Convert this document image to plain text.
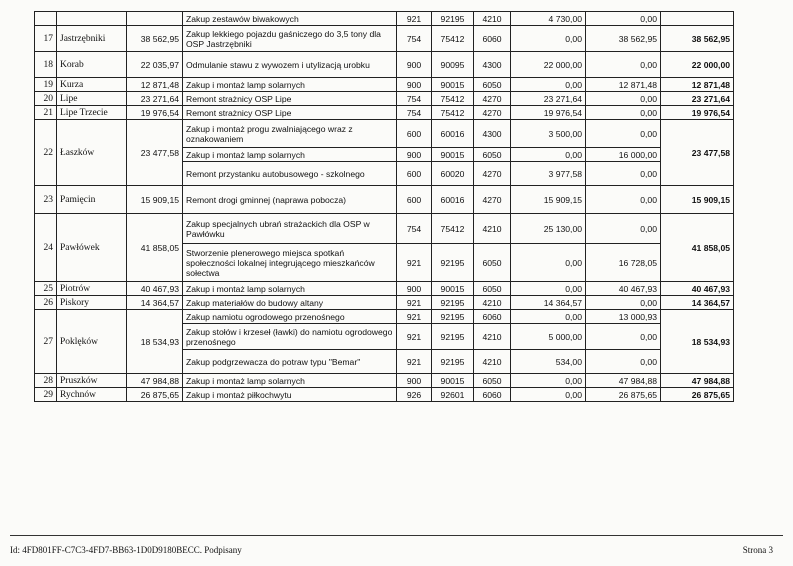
			Zakup zestawów biwakowych	921	92195	4210	4 730,00	0,00	
17	Jastrzębniki	38 562,95	Zakup lekkiego pojazdu gaśniczego do 3,5 tony dla OSP Jastrzębniki	754	75412	6060	0,00	38 562,95	38 562,95
18	Korab	22 035,97	Odmulanie stawu z wywozem i utylizacją urobku	900	90095	4300	22 000,00	0,00	22 000,00
19	Kurza	12 871,48	Zakup i montaż lamp solarnych	900	90015	6050	0,00	12 871,48	12 871,48
20	Lipe	23 271,64	Remont strażnicy OSP Lipe	754	75412	4270	23 271,64	0,00	23 271,64
21	Lipe Trzecie	19 976,54	Remont strażnicy OSP Lipe	754	75412	4270	19 976,54	0,00	19 976,54
22	Łaszków	23 477,58	Zakup i montaż progu zwalniającego wraz z oznakowaniem	600	60016	4300	3 500,00	0,00	23 477,58
			Zakup i montaż lamp solarnych	900	90015	6050	0,00	16 000,00	
			Remont przystanku autobusowego - szkolnego	600	60020	4270	3 977,58	0,00	
23	Pamięcin	15 909,15	Remont drogi gminnej (naprawa pobocza)	600	60016	4270	15 909,15	0,00	15 909,15
24	Pawłówek	41 858,05	Zakup specjalnych ubrań strażackich dla OSP w Pawłówku	754	75412	4210	25 130,00	0,00	41 858,05
			Stworzenie plenerowego miejsca spotkań społeczności lokalnej integrującego mieszkańców sołectwa	921	92195	6050	0,00	16 728,05	
25	Piotrów	40 467,93	Zakup i montaż lamp solarnych	900	90015	6050	0,00	40 467,93	40 467,93
26	Piskory	14 364,57	Zakup materiałów do budowy altany	921	92195	4210	14 364,57	0,00	14 364,57
27	Poklęków	18 534,93	Zakup namiotu ogrodowego przenośnego	921	92195	6060	0,00	13 000,93	18 534,93
			Zakup stołów i krzeseł (ławki) do namiotu ogrodowego przenośnego	921	92195	4210	5 000,00	0,00	
			Zakup podgrzewacza do potraw typu "Bemar"	921	92195	4210	534,00	0,00	
28	Pruszków	47 984,88	Zakup i montaż lamp solarnych	900	90015	6050	0,00	47 984,88	47 984,88
29	Rychnów	26 875,65	Zakup i montaż piłkochwytu	926	92601	6060	0,00	26 875,65	26 875,65
Id: 4FD801FF-C7C3-4FD7-BB63-1D0D9180BECC. Podpisany	Strona 3
